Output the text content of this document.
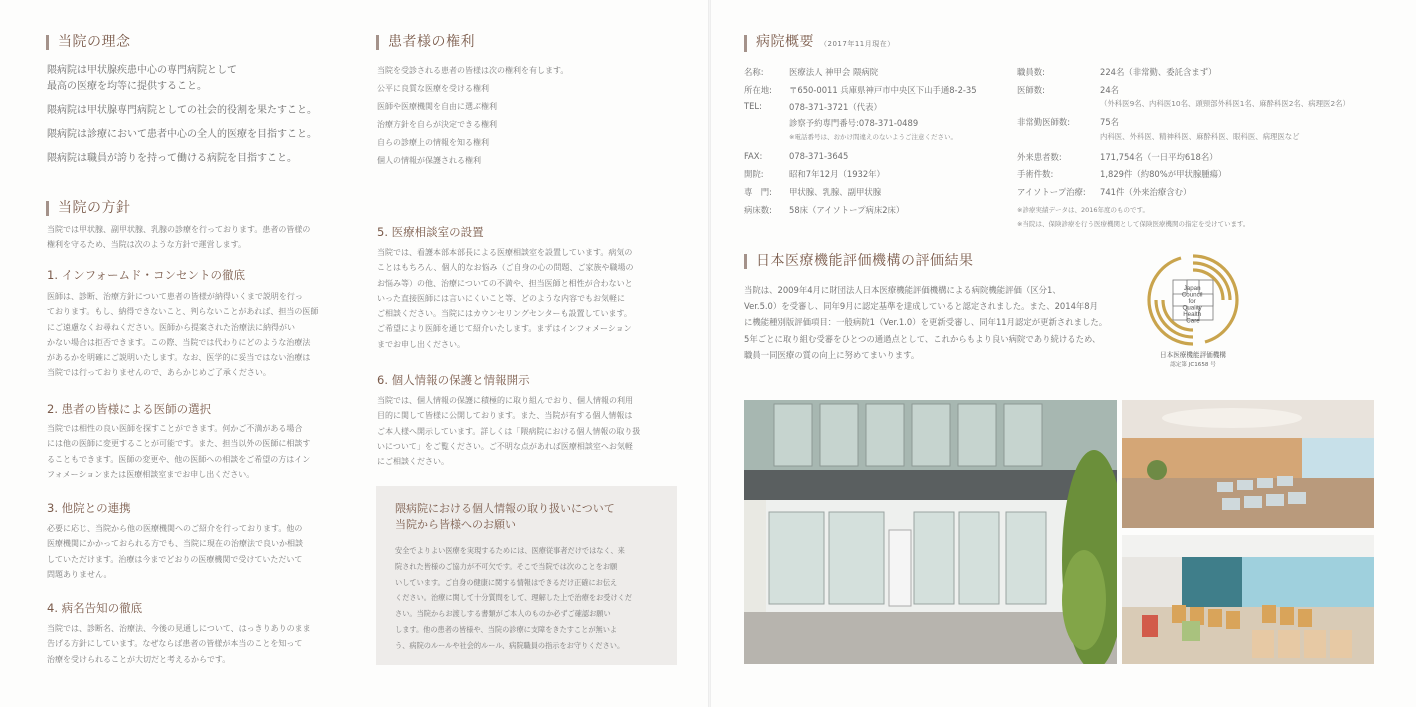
当院の理念

隈病院は甲状腺疾患中心の専門病院として

最高の医療を均等に提供すること。

隈病院は甲状腺専門病院としての社会的役割を果たすこと。

隈病院は診療において患者中心の全人的医療を目指すこと。

隈病院は職員が誇りを持って働ける病院を目指すこと。

当院の方針

当院では甲状腺、副甲状腺、乳腺の診療を行っております。患者の皆様の

権利を守るため、当院は次のような方針で運営します。

1. インフォームド・コンセントの徹底

医師は、診断、治療方針について患者の皆様が納得いくまで説明を行っ

ております。もし、納得できないこと、判らないことがあれば、担当の医師

にご遠慮なくお尋ねください。医師から提案された治療法に納得がい

かない場合は拒否できます。この際、当院では代わりにどのような治療法

があるかを明確にご説明いたします。なお、医学的に妥当ではない治療は

当院では行っておりませんので、あらかじめご了承ください。

2. 患者の皆様による医師の選択

当院では相性の良い医師を探すことができます。何かご不満がある場合

には他の医師に変更することが可能です。また、担当以外の医師に相談す

ることもできます。医師の変更や、他の医師への相談をご希望の方はイン

フォメーションまたは医療相談室までお申し出ください。

3. 他院との連携

必要に応じ、当院から他の医療機関へのご紹介を行っております。他の

医療機関にかかっておられる方でも、当院に現在の治療法で良いか相談

していただけます。治療は今までどおりの医療機関で受けていただいて

問題ありません。

4. 病名告知の徹底

当院では、診断名、治療法、今後の見通しについて、はっきりありのまま

告げる方針にしています。なぜならば患者の皆様が本当のことを知って

治療を受けられることが大切だと考えるからです。

患者様の権利

当院を受診される患者の皆様は次の権利を有します。

公平に良質な医療を受ける権利

医師や医療機関を自由に選ぶ権利

治療方針を自らが決定できる権利

自らの診療上の情報を知る権利

個人の情報が保護される権利

5. 医療相談室の設置

当院では、看護本部本部長による医療相談室を設置しています。病気の

ことはもちろん、個人的なお悩み（ご自身の心の問題、ご家族や職場の

お悩み等）の他、治療についての不満や、担当医師と相性が合わないと

いった直接医師には言いにくいこと等、どのような内容でもお気軽に

ご相談ください。当院にはカウンセリングセンターも設置しています。

ご希望により医師を通じて紹介いたします。まずはインフォメーション

までお申し出ください。

6. 個人情報の保護と情報開示

当院では、個人情報の保護に積極的に取り組んでおり、個人情報の利用

目的に関して皆様に公開しております。また、当院が有する個人情報は

ご本人様へ開示しています。詳しくは「隈病院における個人情報の取り扱

いについて」をご覧ください。ご不明な点があれば医療相談室へお気軽

にご相談ください。

隈病院における個人情報の取り扱いについて

当院から皆様へのお願い

安全でよりよい医療を実現するためには、医療従事者だけではなく、来

院された皆様のご協力が不可欠です。そこで当院では次のことをお願

いしています。ご自身の健康に関する情報はできるだけ正確にお伝え

ください。治療に関して十分質問をして、理解した上で治療をお受けくだ

さい。当院からお渡しする書類がご本人のものか必ずご確認お願い

します。他の患者の皆様や、当院の診療に支障をきたすことが無いよ

う、病院のルールや社会的ルール、病院職員の指示をお守りください。

病院概要 （2017年11月現在）
名称:	医療法人 神甲会 隈病院
所在地: 〒650-0011 兵庫県神戸市中央区下山手通8-2-35
TEL:	078-371-3721（代表）
診察予約専門番号:078-371-0489
※電話番号は、おかけ間違えのないようご注意ください。
FAX:	078-371-3645
開院:	昭和7年12月（1932年）
専　門: 甲状腺、乳腺、副甲状腺
病床数: 58床（アイソトープ病床2床）
職員数:	224名（非常勤、委託含まず）
医師数:	24名
（外科医9名、内科医10名、頭頸部外科医1名、麻酔科医2名、病理医2名）
非常勤医師数:	75名
内科医、外科医、精神科医、麻酔科医、眼科医、病理医など
外来患者数:	171,754名（一日平均618名）
手術件数:	1,829件（約80%が甲状腺腫瘍）
アイソトープ治療: 741件（外来治療含む）
※診療実績データは、2016年度のものです。
※当院は、保険診療を行う医療機関として保険医療機関の指定を受けています。
日本医療機能評価機構の評価結果

当院は、2009年4月に財団法人日本医療機能評価機構による病院機能評価（区分1、

Ver.5.0）を受審し、同年9月に認定基準を達成していると認定されました。また、2014年8月

に機能種別版評価項目：一般病院1（Ver.1.0）を更新受審し、同年11月認定が更新されました。

5年ごとに取り組む受審をひとつの通過点として、これからもより良い病院であり続けるため、

職員一同医療の質の向上に努めてまいります。

Japan Council for Quality Health Care
日本医療機能評価機構
認定第 JC1658 号
